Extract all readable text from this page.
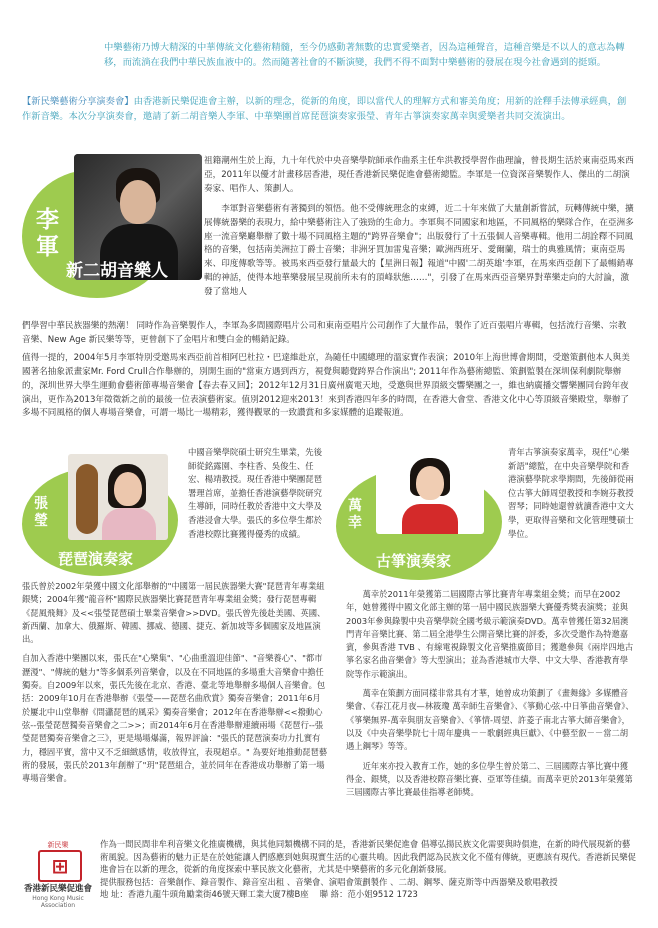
中樂藝術乃博大精深的中華傳統文化藝術精髓，至今仍感動著無數的忠實愛樂者，因為這種聲音，這種音樂是不以人的意志為轉移，而流淌在我們中華民族血液中的。然而隨著社會的不斷演變，我們不得不面對中樂藝術的發展在現今社會遇到的挺頸。

【新民樂藝術分享演奏會】由香港新民樂促進會主辦，以新的理念，從新的角度，即以當代人的理解方式和審美角度；用新的詮釋手法傳承經典，創作新音樂。本次分享演奏會，邀請了新二胡音樂人李軍、中華樂團首席琵琶演奏家張瑩、青年古箏演奏家萬幸與愛樂者共同交流演出。

李軍
新二胡音樂人

祖籍潮州生於上海，九十年代於中央音樂學院師承作曲系主任牟洪教授學習作曲理論，曾長期生活於東南亞馬來西亞，2011年以優才計畫移居香港，現任香港新民樂促進會藝術總監。李軍是一位資深音樂製作人、傑出的二胡演奏家、唱作人、策劃人。

李軍對音樂藝術有著獨到的領悟。他不受傳統理念的束縛，近二十年來做了大量創新嘗試，玩轉傳統中樂，擴展傳統器樂的表現力，給中樂藝術注入了強勁的生命力。李軍與不同國家和地區，不同風格的樂隊合作，在亞洲多座一流音樂廳舉辦了數十場不同風格主題的"跨界音樂會"；出版發行了十五張個人音樂專輯。他用二胡詮釋不同風格的音樂，包括南美洲拉丁爵士音樂；非洲牙買加雷鬼音樂；歐洲西班牙、愛爾蘭，瑞士的典雅風情；東南亞馬來、印度傳歌等等。被馬來西亞發行量最大的【星洲日報】報道"中國'二胡英雄'李軍，在馬來西亞創下了最暢銷專輯的神話，使得本地華樂發展呈現前所未有的頂峰狀態……"，引發了在馬來西亞音樂界對華樂走向的大討論，激發了當地人

們學習中華民族器樂的熱潮！ 同時作為音樂製作人，李軍為多間國際唱片公司和東南亞唱片公司創作了大量作品，製作了近百張唱片專輯，包括流行音樂、宗教音樂、New Age 新民樂等等，更曾創下了金唱片和雙白金的暢銷記錄。

值得一提的，2004年5月李軍特別受邀馬來西亞前首相阿巴杜拉・巴達維赴京，為隨任中國總理的溫家寶作表演；2010年上海世博會期間，受邀策劃他本人與美國著名抽象派畫家Mr. Ford Crull合作舉辦的，別開生面的"當東方遇到西方，視覺與聽覺跨界合作演出"; 2011年作為藝術總監、策劃監製在深圳保利劇院舉辦的，深圳世界大學生運動會藝術節專場音樂會【春去春又回】；2012年12月31日廣州廣電天地，受邀與世界頂級交響樂團之一，維也納廣播交響樂團同台跨年夜演出，更作為2013年徵徵新之前的最後一位表演藝術家。值別2012迎來2013！來到香港四年多的時間，在香港大會堂、香港文化中心等頂級音樂殿堂，舉辦了多場不同風格的個人專場音樂會，可謂一場比一場精彩，獲得觀眾的一致讚賞和多家媒體的追蹤報道。

張瑩
琵琶演奏家

中國音樂學院碩士研究生畢業，先後師從銘露園、李柱香、吳俊生、任宏、楊靖教授。現任香港中樂團琵琶署理首席，並擔任香港演藝學院研究生導師，同時任教於香港中文大學及香港浸會大學。張氏的多位學生都於香港校際比賽獲得優秀的成績。

張氏曾於2002年榮獲中國文化部舉辦的"中國第一屆民族器樂大賽"琵琶青年專業組銀獎；2004年獲"龍音杯"國際民族器樂比賽琵琶青年專業組金獎；發行琵琶專輯《琵風飛舞》及<<張瑩琵琶碩士畢業音樂會>>DVD。張氏曾先後赴美國、英國、新西蘭、加拿大、俄羅斯、韓國、挪威、德國、捷克、新加坡等多個國家及地區演出。

自加入香港中樂團以來，張氏在"心樂集"、"心曲重溫迎佳節"、"音樂養心"、"都市瀝漫"、"傳統的魅力"等多個系列音樂會，以及在不同地區的多場重大音樂會中擔任獨奏。自2009年以來，張氏先後在北京、香港、臺北等地舉辦多場個人音樂會。包括：2009年10月在香港舉辦《張瑩——琵琶名曲欣賞》獨奏音樂會；2011年6月於屢北中山堂舉辦《問瀟琵琶的風采》獨奏音樂會；2012年在香港舉辦<<撥動心弦--張瑩琵琶獨奏音樂會之二>>；而2014年6月在香港舉辦連續兩場《琵琶行--張瑩琵琶獨奏音樂會之三》，更是場場爆滿，報界評論："張氏的琵琶演奏功力扎實有力，穩固平實，當中又不乏細緻感情，收放得宜，表現超卓。" 為要好地推動琵琶藝術的發展，張氏於2013年創辦了"玥"琵琶組合，並於同年在香港成功舉辦了第一場專場音樂會。

萬幸
古箏演奏家

青年古箏演奏家萬幸，現任"心樂新語"總監，在中央音樂學院和香港演藝學院求學期間，先後師從兩位古箏大師周望教授和李婉芬教授習琴；同時她還曾就讀香港中文大學，更取得音樂和文化管理雙碩士學位。

萬幸於2011年榮獲第二屆國際古箏比賽青年專業組金獎；而早在2002年，她曾獲得中國文化部主辦的第一屆中國民族器樂大賽優秀獎表演獎；並與2003年參與錄製中央音樂學院全國考級示範演奏DVD。萬幸曾獲任第32屆澳門青年音樂比賽、第二屆全港學生公開音樂比賽的評委，多次受邀作為特邀嘉賓，參與香港 TVB 、有線電視錄製文化音樂推廣節目；獲邀參與《兩岸四地古箏名家名曲音樂會》等大型演出；並為香港城市大學、中文大學、香港教育學院等作示範演出。

萬幸在策劃方面同樣非常具有才華，她曾成功策劃了《畫舞緣》多媒體音樂會、《春江花月夜—林筱瓊 萬幸師生音樂會》、《箏動心弦-中日箏曲音樂會》、《箏樂無界-萬幸與朋友音樂會》、《箏情-周望、許菱子南北古箏大師音樂會》，以及《中央音樂學院七十周年慶典－－歌劇經典巨獻》、《中藝至叡－－當二胡遇上鋼琴》等等。

近年來亦投入教育工作，她的多位學生曾於第二、三屆國際古箏比賽中獲得金、銀獎，以及香港校際音樂比賽、亞軍等佳績。而萬幸更於2013年榮獲第三屆國際古箏比賽最佳指導老師獎。

新民樂
⊞
香港新民樂促進會
Hong Kong Music Association

作為一間民間非牟利音樂文化推廣機構，與其他同類機構不同的是，香港新民樂促進會 倡導弘揚民族文化需要與時俱進，在新的時代展現新的藝術風貌。因為藝術的魅力正是在於她能讓人們感應到她與現實生活的心靈共鳴。因此我們認為民族文化不僅有傳統，更應該有現代。香港新民樂促進會旨在以新的理念，從新的角度探索中華民族文化藝術，尤其是中樂藝術的多元化創新發展。

提供服務包括：音樂創作、錄音製作、錄音室出租 、音樂會、演唱會策劃製作 、二胡、鋼琴、薩克斯等中西器樂及歌唱教授

地 址：香港九龍牛頭角勵業街46號天輝工業大廈7樓B座　 聯 絡：范小姐9512 1723
